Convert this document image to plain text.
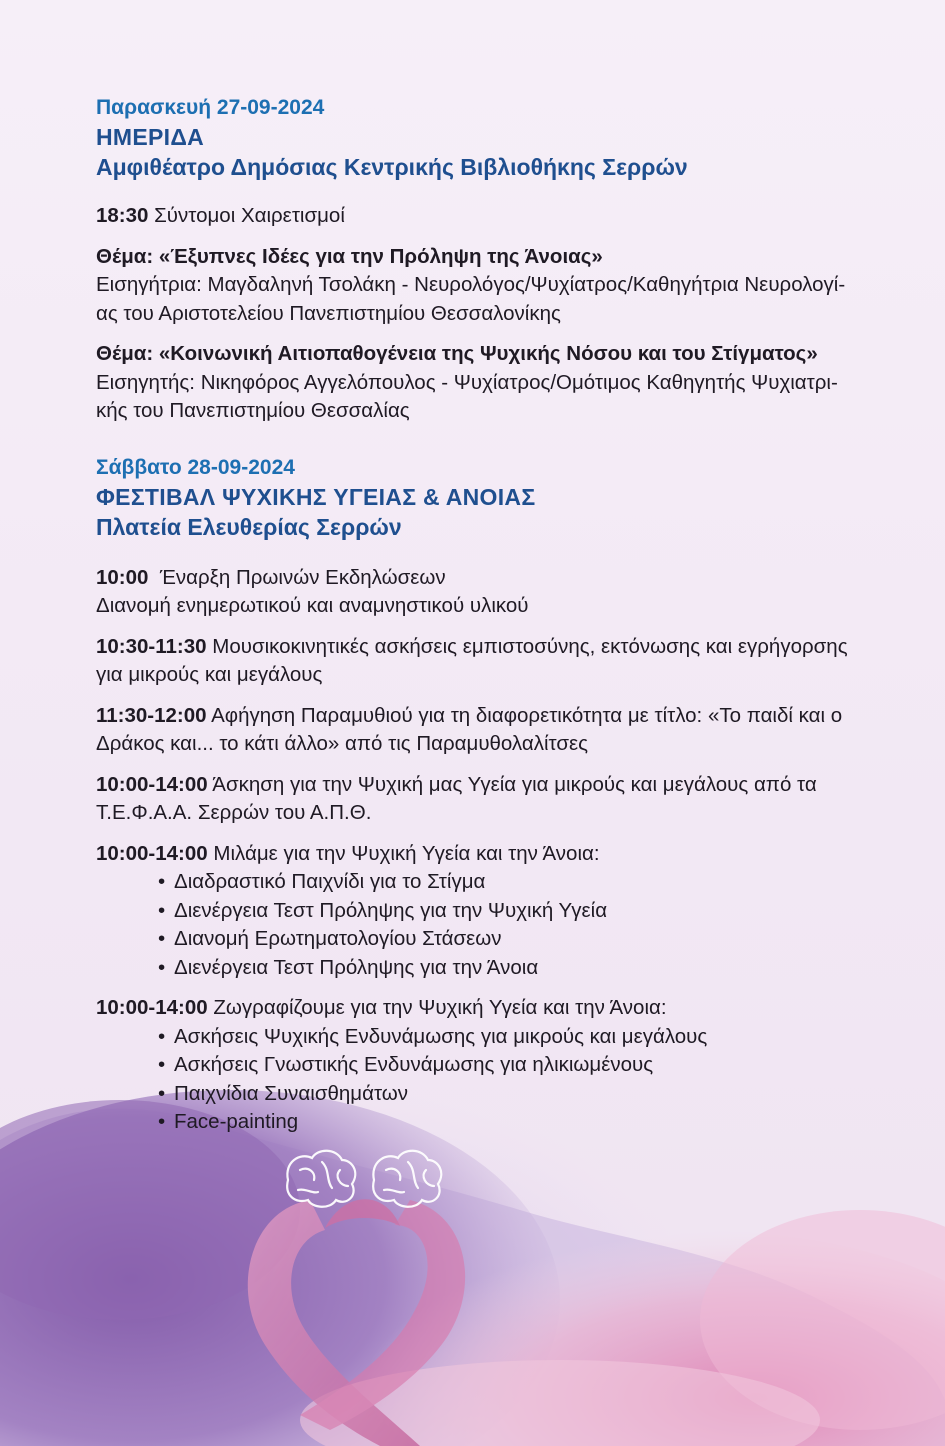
Παρασκευή 27-09-2024
ΗΜΕΡΙΔΑ
Αμφιθέατρο Δημόσιας Κεντρικής Βιβλιοθήκης Σερρών
18:30 Σύντομοι Χαιρετισμοί
Θέμα: «Έξυπνες Ιδέες για την Πρόληψη της Άνοιας»
Εισηγήτρια: Μαγδαληνή Τσολάκη - Νευρολόγος/Ψυχίατρος/Καθηγήτρια Νευρολογί-
ας του Αριστοτελείου Πανεπιστημίου Θεσσαλονίκης
Θέμα: «Κοινωνική Αιτιοπαθογένεια της Ψυχικής Νόσου και του Στίγματος»
Εισηγητής: Νικηφόρος Αγγελόπουλος - Ψυχίατρος/Ομότιμος Καθηγητής Ψυχιατρι-
κής του Πανεπιστημίου Θεσσαλίας
Σάββατο 28-09-2024
ΦΕΣΤΙΒΑΛ ΨΥΧΙΚΗΣ ΥΓΕΙΑΣ & ΑΝΟΙΑΣ
Πλατεία Ελευθερίας Σερρών
10:00  Έναρξη Πρωινών Εκδηλώσεων
Διανομή ενημερωτικού και αναμνηστικού υλικού
10:30-11:30 Μουσικοκινητικές ασκήσεις εμπιστοσύνης, εκτόνωσης και εγρήγορσης
για μικρούς και μεγάλους
11:30-12:00 Αφήγηση Παραμυθιού για τη διαφορετικότητα με τίτλο: «Το παιδί και ο
Δράκος και... το κάτι άλλο» από τις Παραμυθολαλίτσες
10:00-14:00 Άσκηση για την Ψυχική μας Υγεία για μικρούς και μεγάλους από τα
Τ.Ε.Φ.Α.Α. Σερρών του Α.Π.Θ.
10:00-14:00 Μιλάμε για την Ψυχική Υγεία και την Άνοια:
• Διαδραστικό Παιχνίδι για το Στίγμα
• Διενέργεια Τεστ Πρόληψης για την Ψυχική Υγεία
• Διανομή Ερωτηματολογίου Στάσεων
• Διενέργεια Τεστ Πρόληψης για την Άνοια
10:00-14:00 Ζωγραφίζουμε για την Ψυχική Υγεία και την Άνοια:
• Ασκήσεις Ψυχικής Ενδυνάμωσης για μικρούς και μεγάλους
• Ασκήσεις Γνωστικής Ενδυνάμωσης για ηλικιωμένους
• Παιχνίδια Συναισθημάτων
• Face-painting
